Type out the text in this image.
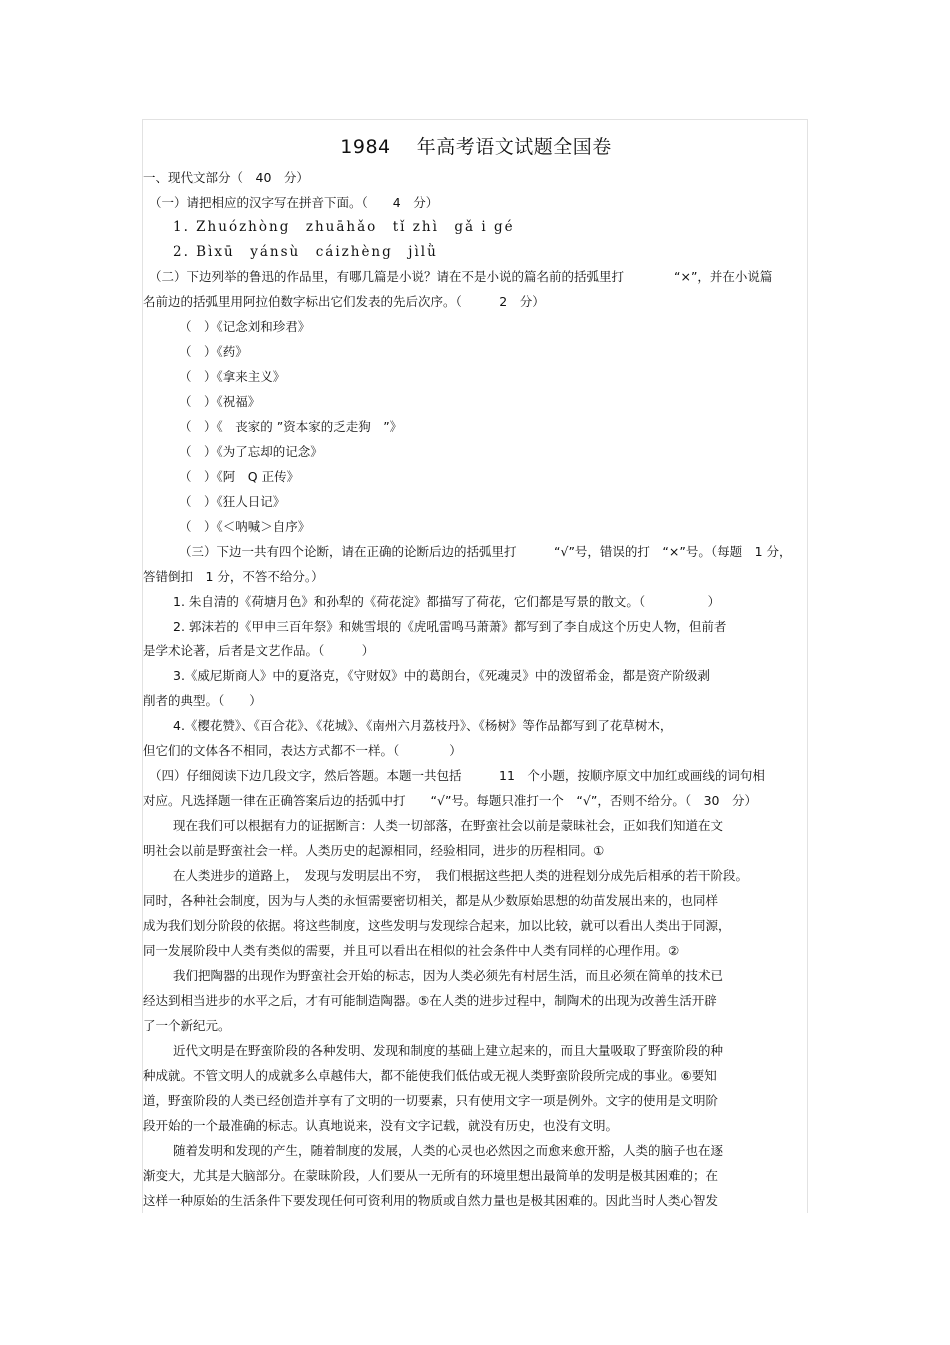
1984　 年高考语文试题全国卷
一、现代文部分（　40　分）
（一）请把相应的汉字写在拼音下面。（　　4　分）
1. Zhuózhòng　zhuāhǎo　tǐ zhì　gǎ i gé
2. Bìxū　yánsù　cáizhèng　jìlǜ
（二）下边列举的鲁迅的作品里，有哪几篇是小说？请在不是小说的篇名前的括弧里打　　　　“×”，并在小说篇
名前边的括弧里用阿拉伯数字标出它们发表的先后次序。（　　　2　分）
（　）《记念刘和珍君》
（　）《药》
（　）《拿来主义》
（　）《祝福》
（　）《　丧家的 ”资本家的乏走狗　”》
（　）《为了忘却的记念》
（　）《阿　Q 正传》
（　）《狂人日记》
（　）《＜呐喊＞自序》
（三）下边一共有四个论断，请在正确的论断后边的括弧里打　　　“√”号，错误的打　“×”号。（每题　1 分，
答错倒扣　1 分，不答不给分。）
1. 朱自清的《荷塘月色》和孙犁的《荷花淀》都描写了荷花，它们都是写景的散文。（　　　　　）
2. 郭沫若的《甲申三百年祭》和姚雪垠的《虎吼雷鸣马萧萧》都写到了李自成这个历史人物，但前者
是学术论著，后者是文艺作品。（　　　）
3.《威尼斯商人》中的夏洛克，《守财奴》中的葛朗台，《死魂灵》中的泼留希金，都是资产阶级剥
削者的典型。（　　）
4.《樱花赞》、《百合花》、《花城》、《南州六月荔枝丹》、《杨树》等作品都写到了花草树木，
但它们的文体各不相同，表达方式都不一样。（　　　　）
（四）仔细阅读下边几段文字，然后答题。本题一共包括　　　11　个小题，按顺序原文中加红或画线的词句相
对应。凡选择题一律在正确答案后边的括弧中打　　“√”号。每题只准打一个　“√”，否则不给分。（　30　分）
现在我们可以根据有力的证据断言：人类一切部落，在野蛮社会以前是蒙昧社会，正如我们知道在文
明社会以前是野蛮社会一样。人类历史的起源相同，经验相同，进步的历程相同。①
在人类进步的道路上，　发现与发明层出不穷，　我们根据这些把人类的进程划分成先后相承的若干阶段。
同时，各种社会制度，因为与人类的永恒需要密切相关，都是从少数原始思想的幼苗发展出来的，也同样
成为我们划分阶段的依据。将这些制度，这些发明与发现综合起来，加以比较，就可以看出人类出于同源，
同一发展阶段中人类有类似的需要，并且可以看出在相似的社会条件中人类有同样的心理作用。②
我们把陶器的出现作为野蛮社会开始的标志，因为人类必须先有村居生活，而且必须在简单的技术已
经达到相当进步的水平之后，才有可能制造陶器。⑤在人类的进步过程中，制陶术的出现为改善生活开辟
了一个新纪元。
近代文明是在野蛮阶段的各种发明、发现和制度的基础上建立起来的，而且大量吸取了野蛮阶段的种
种成就。不管文明人的成就多么卓越伟大，都不能使我们低估或无视人类野蛮阶段所完成的事业。⑥要知
道，野蛮阶段的人类已经创造并享有了文明的一切要素，只有使用文字一项是例外。文字的使用是文明阶
段开始的一个最准确的标志。认真地说来，没有文字记载，就没有历史，也没有文明。
随着发明和发现的产生，随着制度的发展，人类的心灵也必然因之而愈来愈开豁，人类的脑子也在逐
渐变大，尤其是大脑部分。在蒙昧阶段，人们要从一无所有的环境里想出最简单的发明是极其困难的；在
这样一种原始的生活条件下要发现任何可资利用的物质或自然力量也是极其困难的。因此当时人类心智发
